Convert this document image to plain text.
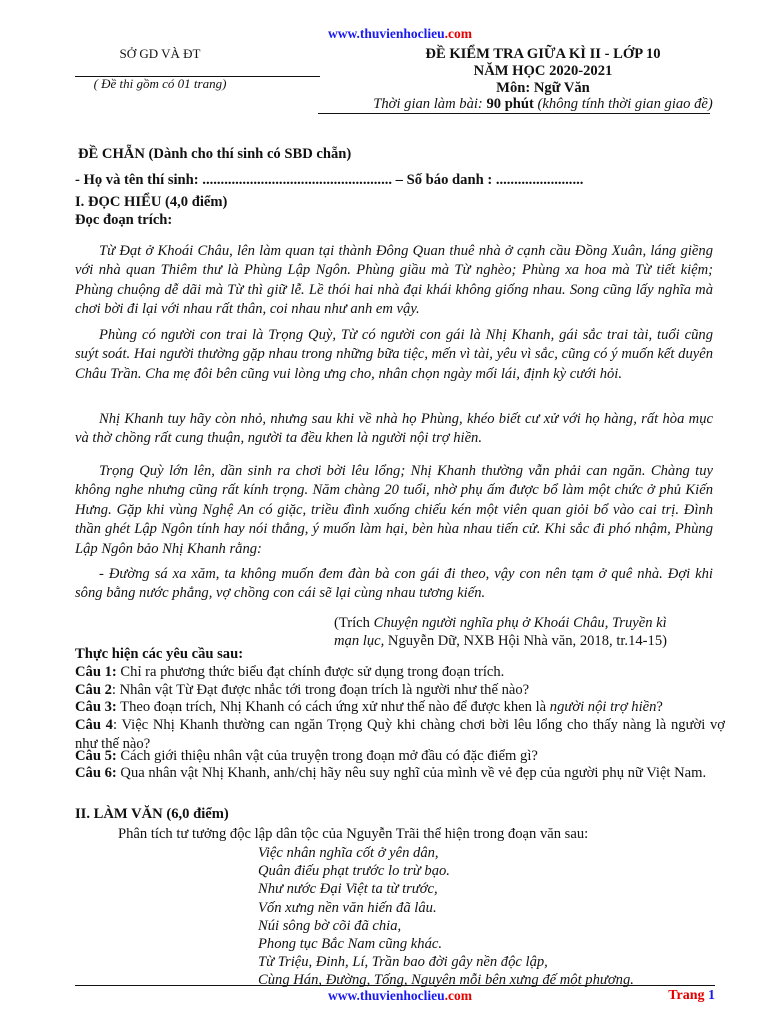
www.thuvienhoclieu.com
SỞ GD VÀ ĐT
( Đề thi gồm có 01 trang)
ĐỀ KIỂM TRA GIỮA KÌ II - LỚP 10
NĂM HỌC 2020-2021
Môn: Ngữ Văn
Thời gian làm bài: 90 phút (không tính thời gian giao đề)
ĐỀ CHẴN (Dành cho thí sinh có SBD chẵn)
- Họ và tên thí sinh: .................................................... – Số báo danh : ........................
I. ĐỌC HIỂU (4,0 điểm)
Đọc đoạn trích:
Từ Đạt ở Khoái Châu, lên làm quan tại thành Đông Quan thuê nhà ở cạnh cầu Đồng Xuân, láng giềng với nhà quan Thiêm thư là Phùng Lập Ngôn. Phùng giầu mà Từ nghèo; Phùng xa hoa mà Từ tiết kiệm; Phùng chuộng dễ dãi mà Từ thì giữ lễ. Lề thói hai nhà đại khái không giống nhau. Song cũng lấy nghĩa mà chơi bời đi lại với nhau rất thân, coi nhau như anh em vậy.
Phùng có người con trai là Trọng Quỳ, Từ có người con gái là Nhị Khanh, gái sắc trai tài, tuổi cũng suýt soát. Hai người thường gặp nhau trong những bữa tiệc, mến vì tài, yêu vì sắc, cũng có ý muốn kết duyên Châu Trần. Cha mẹ đôi bên cũng vui lòng ưng cho, nhân chọn ngày mối lái, định kỳ cưới hỏi.
Nhị Khanh tuy hãy còn nhỏ, nhưng sau khi về nhà họ Phùng, khéo biết cư xử với họ hàng, rất hòa mục và thờ chồng rất cung thuận, người ta đều khen là người nội trợ hiền.
Trọng Quỳ lớn lên, dần sinh ra chơi bời lêu lổng; Nhị Khanh thường vẫn phải can ngăn. Chàng tuy không nghe nhưng cũng rất kính trọng. Năm chàng 20 tuổi, nhờ phụ ấm được bổ làm một chức ở phủ Kiến Hưng. Gặp khi vùng Nghệ An có giặc, triều đình xuống chiếu kén một viên quan giỏi bổ vào cai trị. Đình thần ghét Lập Ngôn tính hay nói thẳng, ý muốn làm hại, bèn hùa nhau tiến cử. Khi sắc đi phó nhậm, Phùng Lập Ngôn bảo Nhị Khanh rằng:
- Đường sá xa xăm, ta không muốn đem đàn bà con gái đi theo, vậy con nên tạm ở quê nhà. Đợi khi sông bằng nước phẳng, vợ chồng con cái sẽ lại cùng nhau tương kiến.
(Trích Chuyện người nghĩa phụ ở Khoái Châu, Truyền kì mạn lục, Nguyễn Dữ, NXB Hội Nhà văn, 2018, tr.14-15)
Thực hiện các yêu cầu sau:
Câu 1: Chỉ ra phương thức biểu đạt chính được sử dụng trong đoạn trích.
Câu 2: Nhân vật Từ Đạt được nhắc tới trong đoạn trích là người như thế nào?
Câu 3: Theo đoạn trích, Nhị Khanh có cách ứng xử như thế nào để được khen là người nội trợ hiền?
Câu 4: Việc Nhị Khanh thường can ngăn Trọng Quỳ khi chàng chơi bời lêu lổng cho thấy nàng là người vợ như thế nào?
Câu 5: Cách giới thiệu nhân vật của truyện trong đoạn mở đầu có đặc điểm gì?
Câu 6: Qua nhân vật Nhị Khanh, anh/chị hãy nêu suy nghĩ của mình về vẻ đẹp của người phụ nữ Việt Nam.
II. LÀM VĂN (6,0 điểm)
Phân tích tư tưởng độc lập dân tộc của Nguyễn Trãi thể hiện trong đoạn văn sau:
Việc nhân nghĩa cốt ở yên dân,
Quân điếu phạt trước lo trừ bạo.
Như nước Đại Việt ta từ trước,
Vốn xưng nền văn hiến đã lâu.
Núi sông bờ cõi đã chia,
Phong tục Bắc Nam cũng khác.
Từ Triệu, Đinh, Lí, Trần bao đời gây nền độc lập,
Cùng Hán, Đường, Tống, Nguyên mỗi bên xưng đế một phương.
www.thuvienhoclieu.com	Trang 1
